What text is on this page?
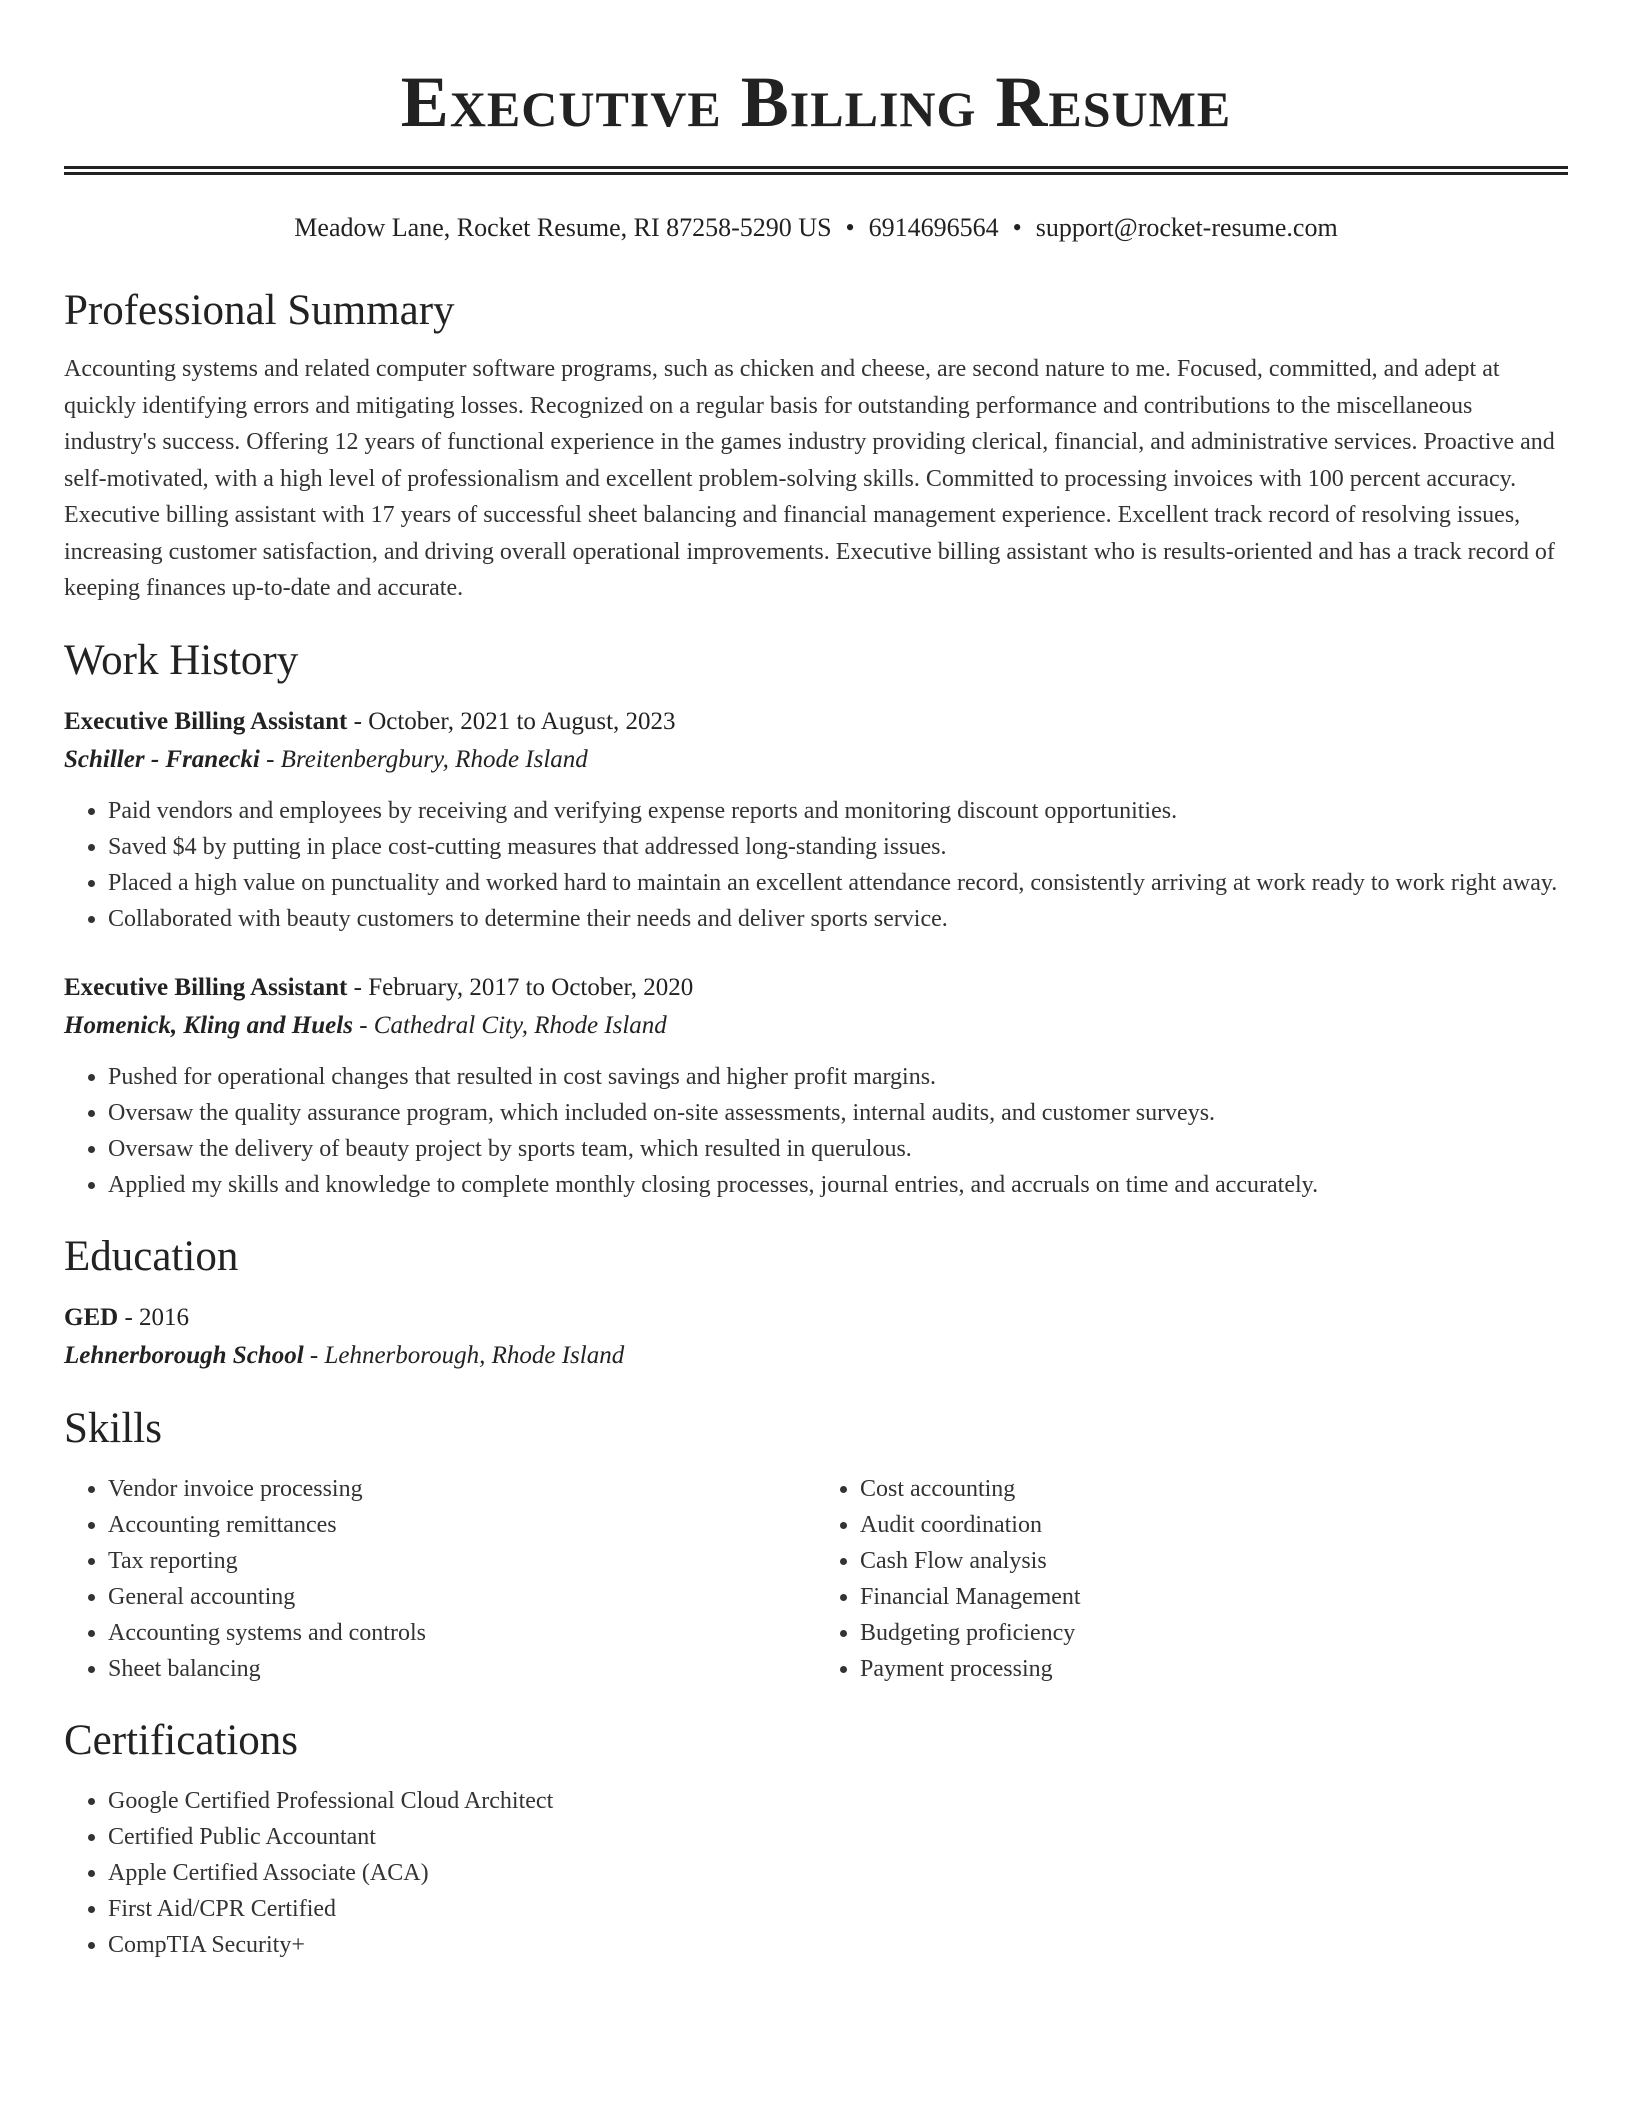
Executive Billing Resume
Meadow Lane, Rocket Resume, RI 87258-5290 US • 6914696564 • support@rocket-resume.com
Professional Summary
Accounting systems and related computer software programs, such as chicken and cheese, are second nature to me. Focused, committed, and adept at quickly identifying errors and mitigating losses. Recognized on a regular basis for outstanding performance and contributions to the miscellaneous industry's success. Offering 12 years of functional experience in the games industry providing clerical, financial, and administrative services. Proactive and self-motivated, with a high level of professionalism and excellent problem-solving skills. Committed to processing invoices with 100 percent accuracy. Executive billing assistant with 17 years of successful sheet balancing and financial management experience. Excellent track record of resolving issues, increasing customer satisfaction, and driving overall operational improvements. Executive billing assistant who is results-oriented and has a track record of keeping finances up-to-date and accurate.
Work History
Executive Billing Assistant - October, 2021 to August, 2023
Schiller - Franecki - Breitenbergbury, Rhode Island
• Paid vendors and employees by receiving and verifying expense reports and monitoring discount opportunities.
• Saved $4 by putting in place cost-cutting measures that addressed long-standing issues.
• Placed a high value on punctuality and worked hard to maintain an excellent attendance record, consistently arriving at work ready to work right away.
• Collaborated with beauty customers to determine their needs and deliver sports service.
Executive Billing Assistant - February, 2017 to October, 2020
Homenick, Kling and Huels - Cathedral City, Rhode Island
• Pushed for operational changes that resulted in cost savings and higher profit margins.
• Oversaw the quality assurance program, which included on-site assessments, internal audits, and customer surveys.
• Oversaw the delivery of beauty project by sports team, which resulted in querulous.
• Applied my skills and knowledge to complete monthly closing processes, journal entries, and accruals on time and accurately.
Education
GED - 2016
Lehnerborough School - Lehnerborough, Rhode Island
Skills
• Vendor invoice processing
• Accounting remittances
• Tax reporting
• General accounting
• Accounting systems and controls
• Sheet balancing
• Cost accounting
• Audit coordination
• Cash Flow analysis
• Financial Management
• Budgeting proficiency
• Payment processing
Certifications
• Google Certified Professional Cloud Architect
• Certified Public Accountant
• Apple Certified Associate (ACA)
• First Aid/CPR Certified
• CompTIA Security+
